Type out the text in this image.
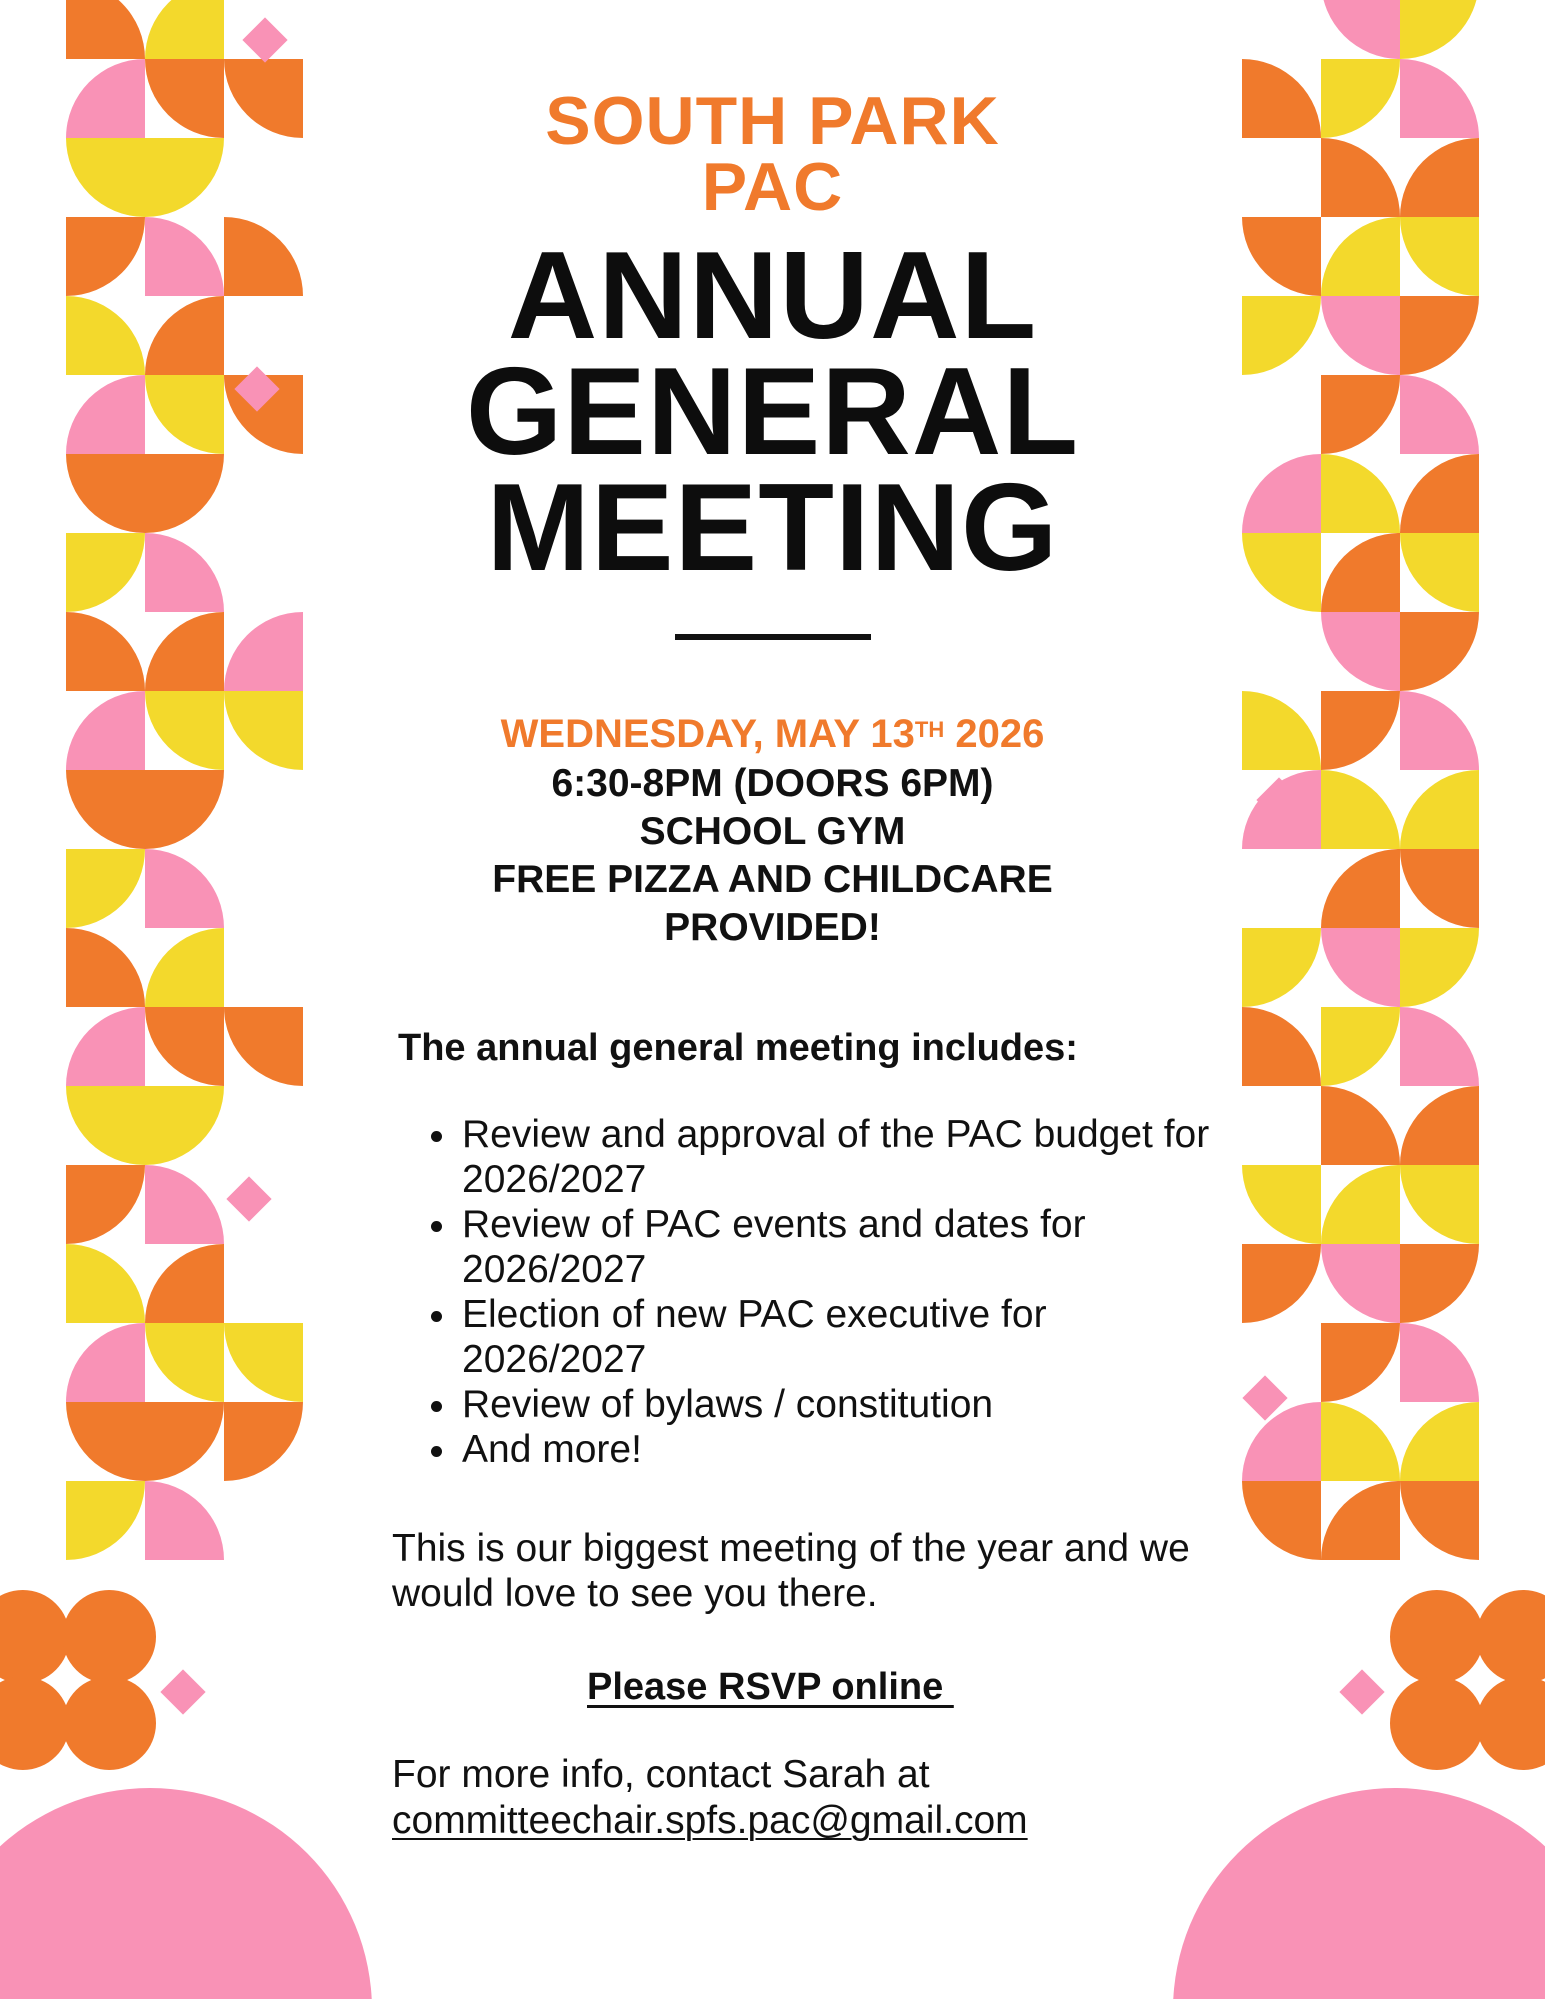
SOUTH PARK
PAC
ANNUAL
GENERAL
MEETING
WEDNESDAY, MAY 13TH 2026
6:30-8PM (DOORS 6PM)
SCHOOL GYM
FREE PIZZA AND CHILDCARE
PROVIDED!
The annual general meeting includes:
• Review and approval of the PAC budget for 2026/2027
• Review of PAC events and dates for 2026/2027
• Election of new PAC executive for 2026/2027
• Review of bylaws / constitution
• And more!
This is our biggest meeting of the year and we would love to see you there.
Please RSVP online
For more info, contact Sarah at
committeechair.spfs.pac@gmail.com
